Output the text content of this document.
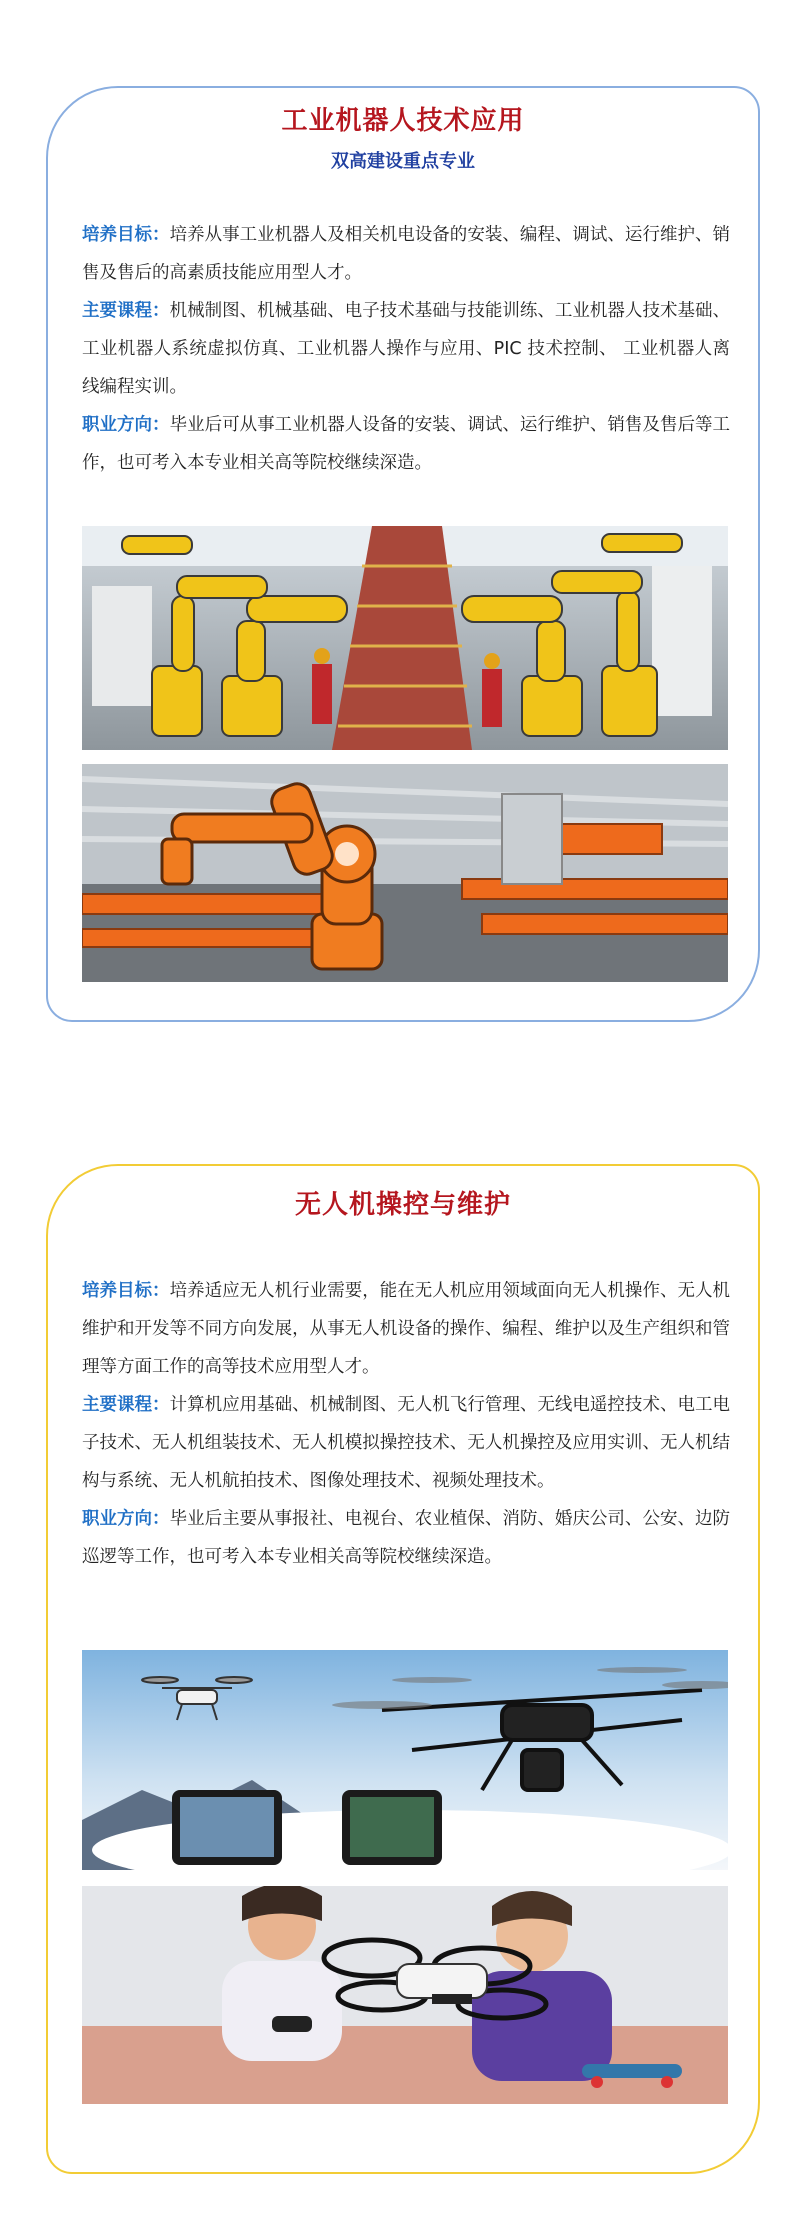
工业机器人技术应用
双高建设重点专业

培养目标：培养从事工业机器人及相关机电设备的安装、编程、调试、运行维护、销售及售后的高素质技能应用型人才。

主要课程：机械制图、机械基础、电子技术基础与技能训练、工业机器人技术基础、工业机器人系统虚拟仿真、工业机器人操作与应用、PIC 技术控制、 工业机器人离线编程实训。

职业方向：毕业后可从事工业机器人设备的安装、调试、运行维护、销售及售后等工作，也可考入本专业相关高等院校继续深造。

无人机操控与维护

培养目标：培养适应无人机行业需要，能在无人机应用领域面向无人机操作、无人机维护和开发等不同方向发展，从事无人机设备的操作、编程、维护以及生产组织和管理等方面工作的高等技术应用型人才。

主要课程：计算机应用基础、机械制图、无人机飞行管理、无线电遥控技术、电工电子技术、无人机组装技术、无人机模拟操控技术、无人机操控及应用实训、无人机结构与系统、无人机航拍技术、图像处理技术、视频处理技术。

职业方向：毕业后主要从事报社、电视台、农业植保、消防、婚庆公司、公安、边防巡逻等工作，也可考入本专业相关高等院校继续深造。
